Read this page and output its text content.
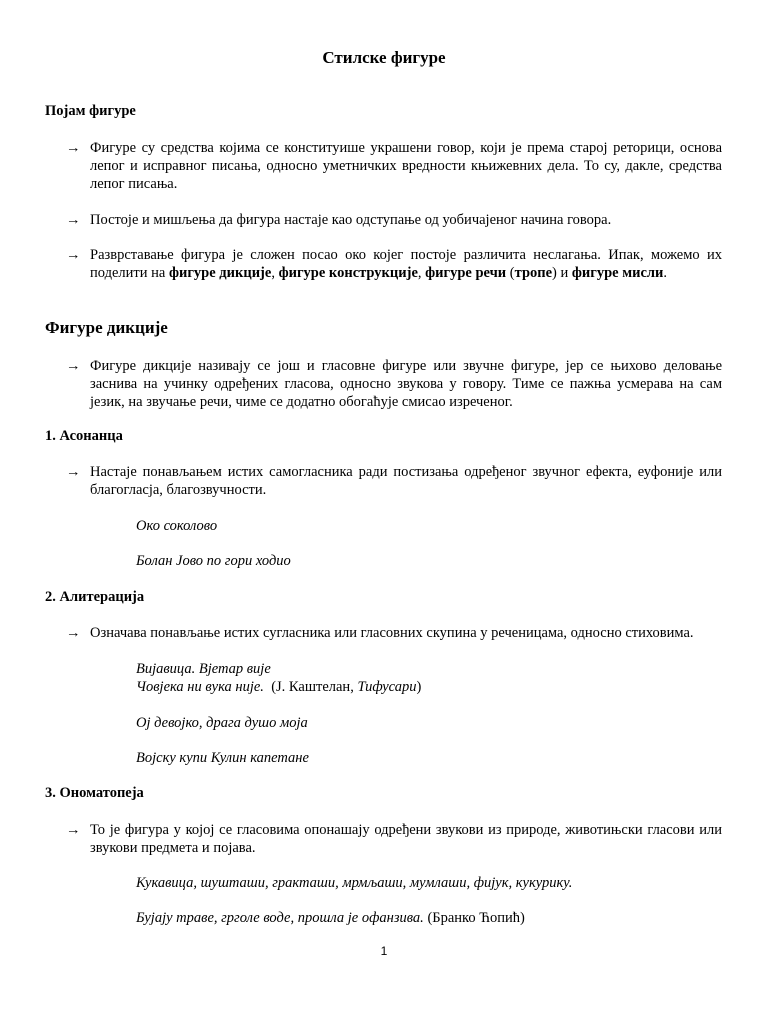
Стилске фигуре
Појам фигуре
→ Фигуре су средства којима се конституише украшени говор, који је према старој реторици, основа лепог и исправног писања, односно уметничких вредности књижевних дела. То су, дакле, средства лепог писања.
→ Постоје и мишљења да фигура настаје као одступање од уобичајеног начина говора.
→ Разврставање фигура је сложен посао око којег постоје различита неслагања. Ипак, можемо их поделити на фигуре дикције, фигуре конструкције, фигуре речи (тропе) и фигуре мисли.
Фигуре дикције
→ Фигуре дикције називају се још и гласовне фигуре или звучне фигуре, јер се њихово деловање заснива на учинку одређених гласова, односно звукова у говору. Тиме се пажња усмерава на сам језик, на звучање речи, чиме се додатно обогаћује смисао изреченог.
1. Асонанца
→ Настаје понављањем истих самогласника ради постизања одређеног звучног ефекта, еуфоније или благогласја, благозвучности.
Око соколово
Болан Јово по гори ходио
2. Алитерација
→ Означава понављање истих сугласника или гласовних скупина у реченицама, односно стиховима.
Вијавица. Вјетар вије
Човјека ни вука није. (Ј. Каштелан, Тифусари)
Ој девојко, драга душо моја
Војску купи Кулин капетане
3. Ономатопеја
→ То је фигура у којој се гласовима опонашају одређени звукови из природе, животињски гласови или звукови предмета и појава.
Кукавица, шушташи, гракташи, мрмљаши, мумлаши, фијук, кукурику.
Бујају траве, грголе воде, прошла је офанзива. (Бранко Ћопић)
1
